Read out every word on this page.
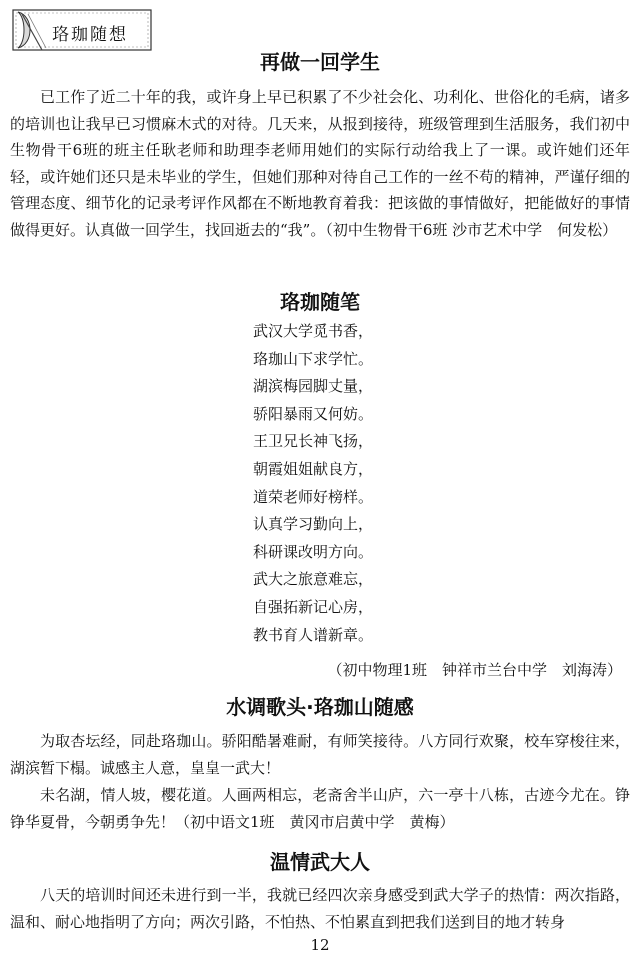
珞珈随想
再做一回学生

已工作了近二十年的我，或许身上早已积累了不少社会化、功利化、世俗化的毛病，诸多的培训也让我早已习惯麻木式的对待。几天来，从报到接待，班级管理到生活服务，我们初中生物骨干6班的班主任耿老师和助理李老师用她们的实际行动给我上了一课。或许她们还年轻，或许她们还只是未毕业的学生，但她们那种对待自己工作的一丝不苟的精神，严谨仔细的管理态度、细节化的记录考评作风都在不断地教育着我：把该做的事情做好，把能做好的事情做得更好。认真做一回学生，找回逝去的“我”。（初中生物骨干6班 沙市艺术中学　何发松）

珞珈随笔
武汉大学觅书香，
珞珈山下求学忙。
湖滨梅园脚丈量，
骄阳暴雨又何妨。
王卫兄长神飞扬，
朝霞姐姐献良方，
道荣老师好榜样。
认真学习勤向上，
科研课改明方向。
武大之旅意难忘，
自强拓新记心房，
教书育人谱新章。

（初中物理1班　钟祥市兰台中学　刘海涛）

水调歌头·珞珈山随感

为取杏坛经，同赴珞珈山。骄阳酷暑难耐，有师笑接待。八方同行欢聚，校车穿梭往来，湖滨暂下榻。诚感主人意，皇皇一武大！

未名湖，情人坡，樱花道。人画两相忘，老斋舍半山庐，六一亭十八栋，古迹今尤在。铮铮华夏骨，今朝勇争先！（初中语文1班　黄冈市启黄中学　黄梅）

温情武大人

八天的培训时间还未进行到一半，我就已经四次亲身感受到武大学子的热情：两次指路，温和、耐心地指明了方向；两次引路，不怕热、不怕累直到把我们送到目的地才转身

12
